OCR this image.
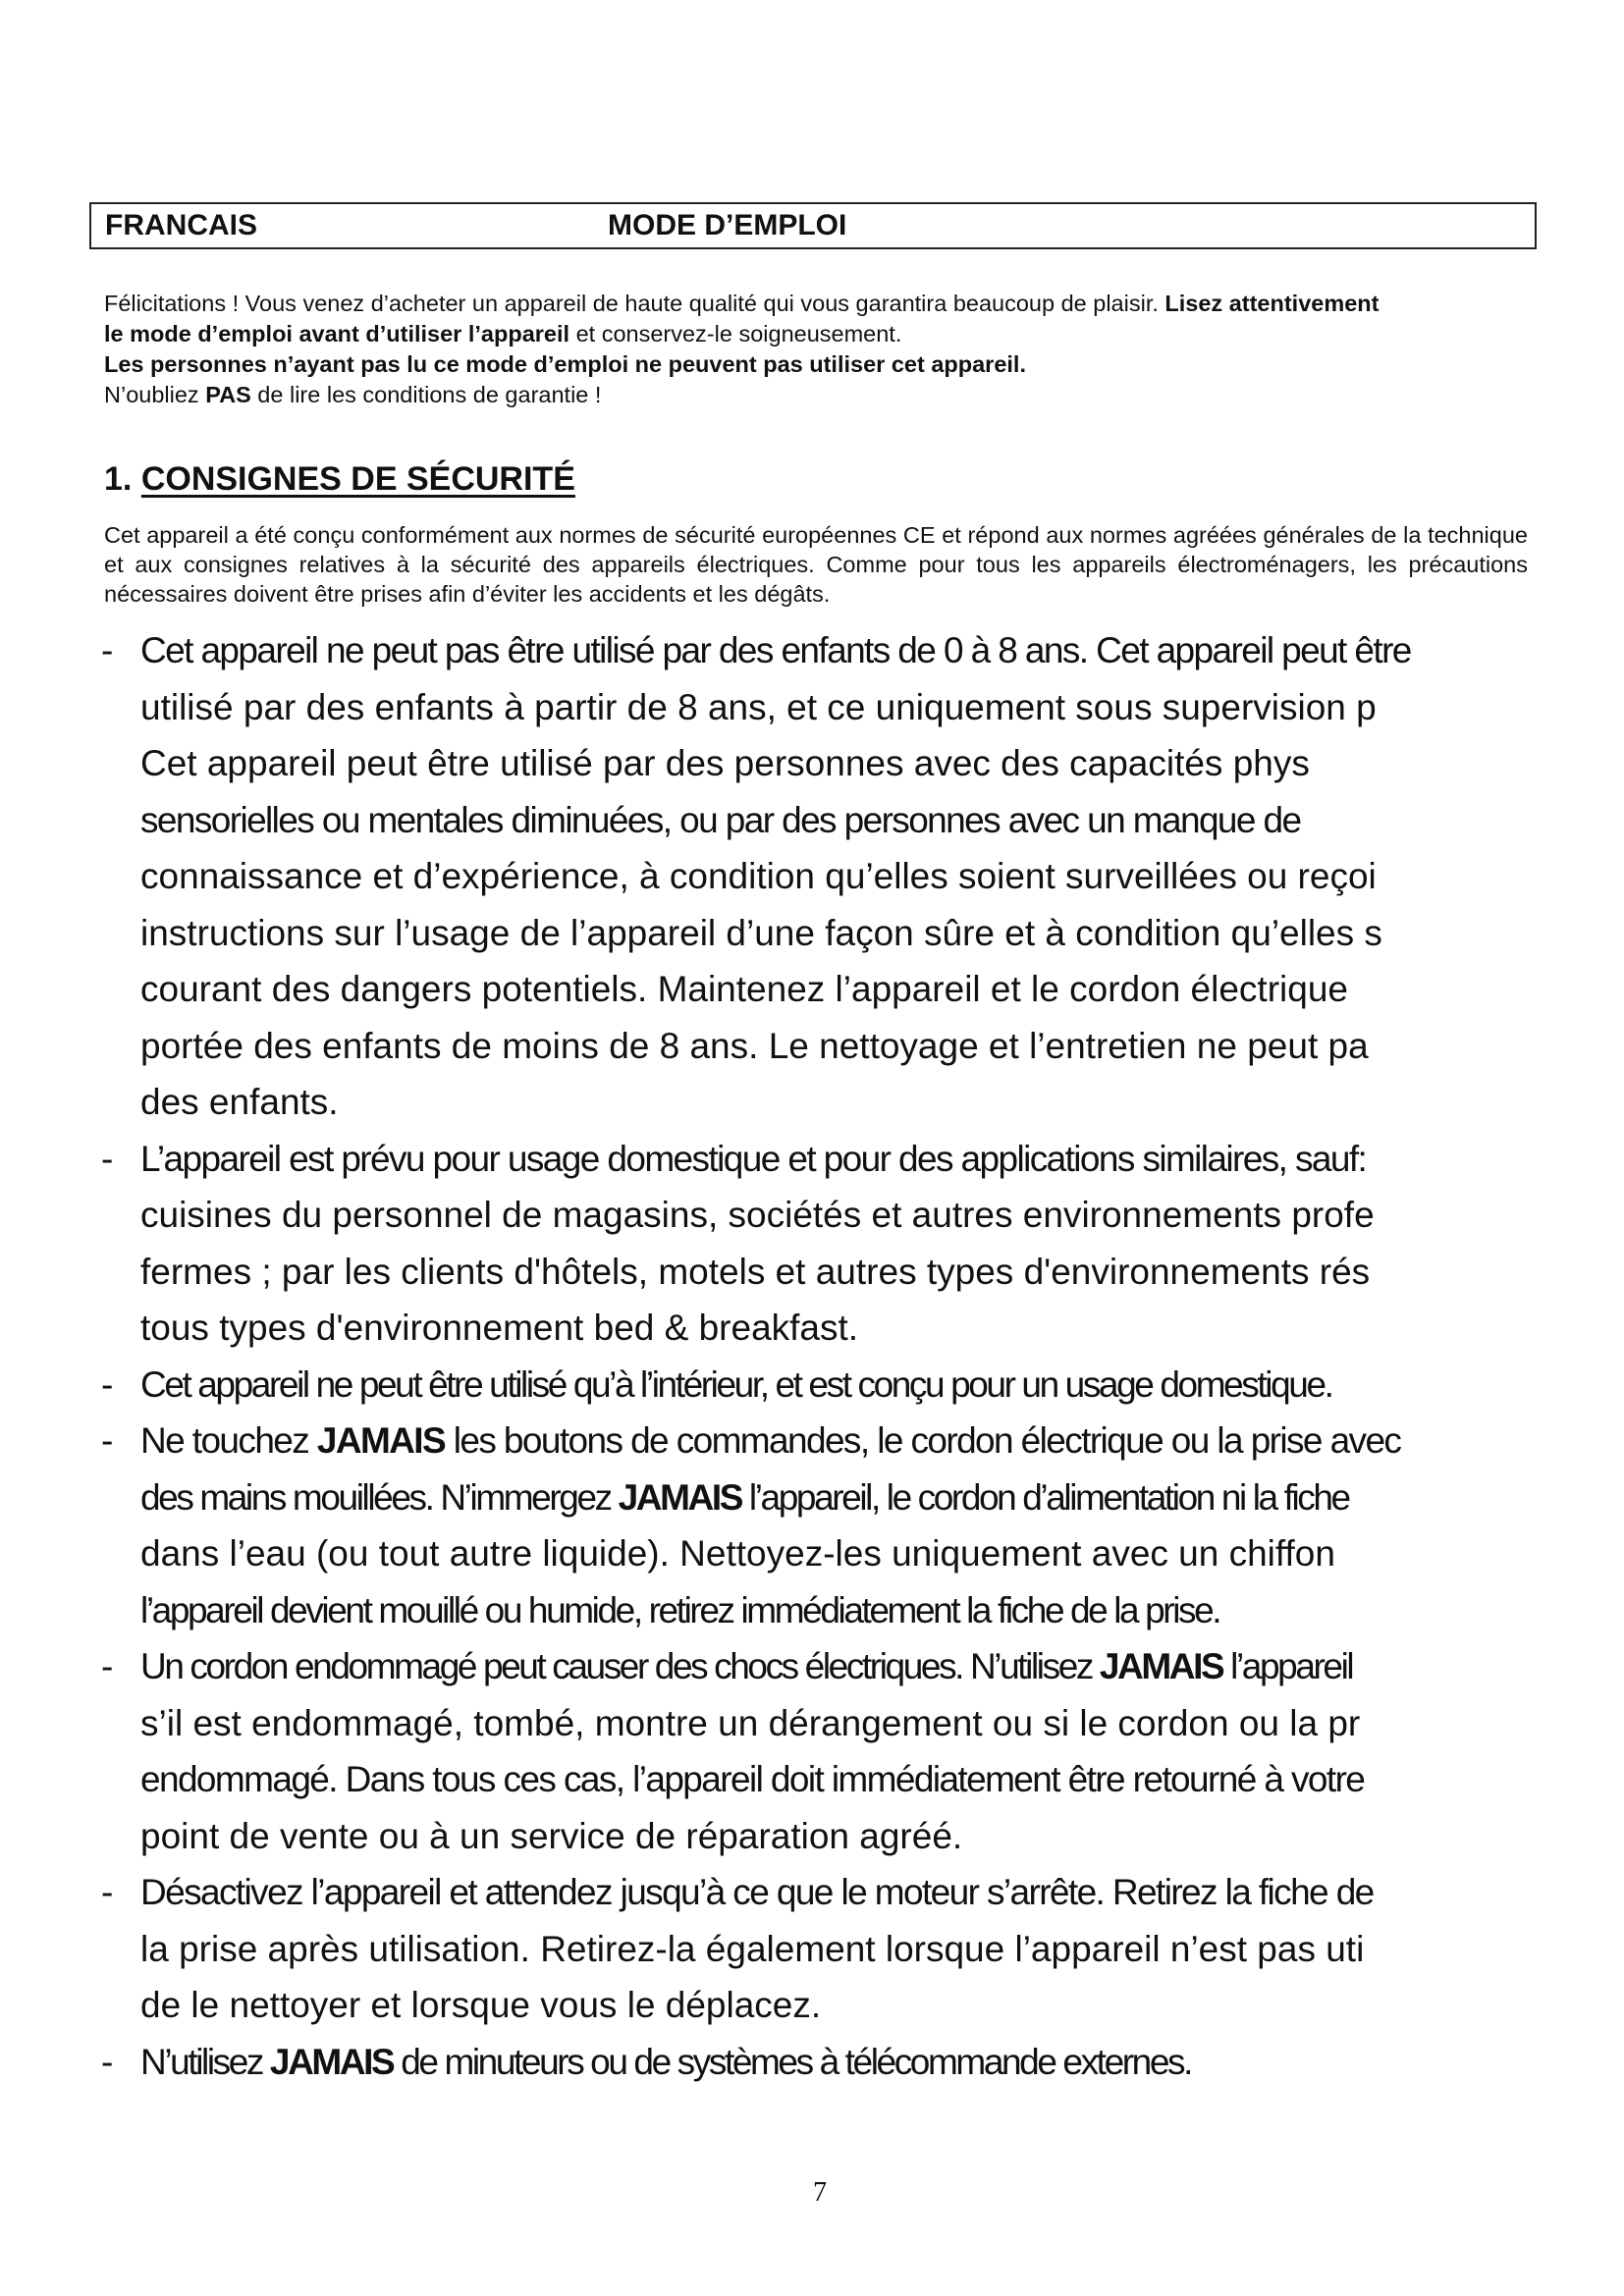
FRANCAIS	MODE D’EMPLOI

Félicitations ! Vous venez d’acheter un appareil de haute qualité qui vous garantira beaucoup de plaisir. Lisez attentivement

le mode d’emploi avant d’utiliser l’appareil et conservez-le soigneusement.

Les personnes n’ayant pas lu ce mode d’emploi ne peuvent pas utiliser cet appareil.

N’oubliez PAS de lire les conditions de garantie !

1. CONSIGNES DE SÉCURITÉ
Cet appareil a été conçu conformément aux normes de sécurité européennes CE et répond aux normes agréées générales de la technique et aux consignes relatives à la sécurité des appareils électriques. Comme pour tous les appareils électroménagers, les précautions nécessaires doivent être prises afin d’éviter les accidents et les dégâts.
- Cet appareil ne peut pas être utilisé par des enfants de 0 à 8 ans. Cet appareil peut être
utilisé par des enfants à partir de 8 ans, et ce uniquement sous supervision p
Cet appareil peut être utilisé par des personnes avec des capacités phys
sensorielles ou mentales diminuées, ou par des personnes avec un manque de
connaissance et d’expérience, à condition qu’elles soient surveillées ou reçoi
instructions sur l’usage de l’appareil d’une façon sûre et à condition qu’elles s
courant des dangers potentiels. Maintenez l’appareil et le cordon électrique
portée des enfants de moins de 8 ans. Le nettoyage et l’entretien ne peut pa
des enfants.
- L’appareil est prévu pour usage domestique et pour des applications similaires, sauf:
cuisines du personnel de magasins, sociétés et autres environnements profe
fermes ; par les clients d'hôtels, motels et autres types d'environnements rés
tous types d'environnement bed & breakfast.
- Cet appareil ne peut être utilisé qu’à l’intérieur, et est conçu pour un usage domestique.
- Ne touchez JAMAIS les boutons de commandes, le cordon électrique ou la prise avec
des mains mouillées. N’immergez JAMAIS l’appareil, le cordon d’alimentation ni la fiche
dans l’eau (ou tout autre liquide). Nettoyez-les uniquement avec un chiffon
l’appareil devient mouillé ou humide, retirez immédiatement la fiche de la prise.
- Un cordon endommagé peut causer des chocs électriques. N’utilisez JAMAIS l’appareil
s’il est endommagé, tombé, montre un dérangement ou si le cordon ou la pr
endommagé. Dans tous ces cas, l’appareil doit immédiatement être retourné à votre
point de vente ou à un service de réparation agréé.
- Désactivez l’appareil et attendez jusqu’à ce que le moteur s’arrête. Retirez la fiche de
la prise après utilisation. Retirez-la également lorsque l’appareil n’est pas uti
de le nettoyer et lorsque vous le déplacez.
- N’utilisez JAMAIS de minuteurs ou de systèmes à télécommande externes.
7
